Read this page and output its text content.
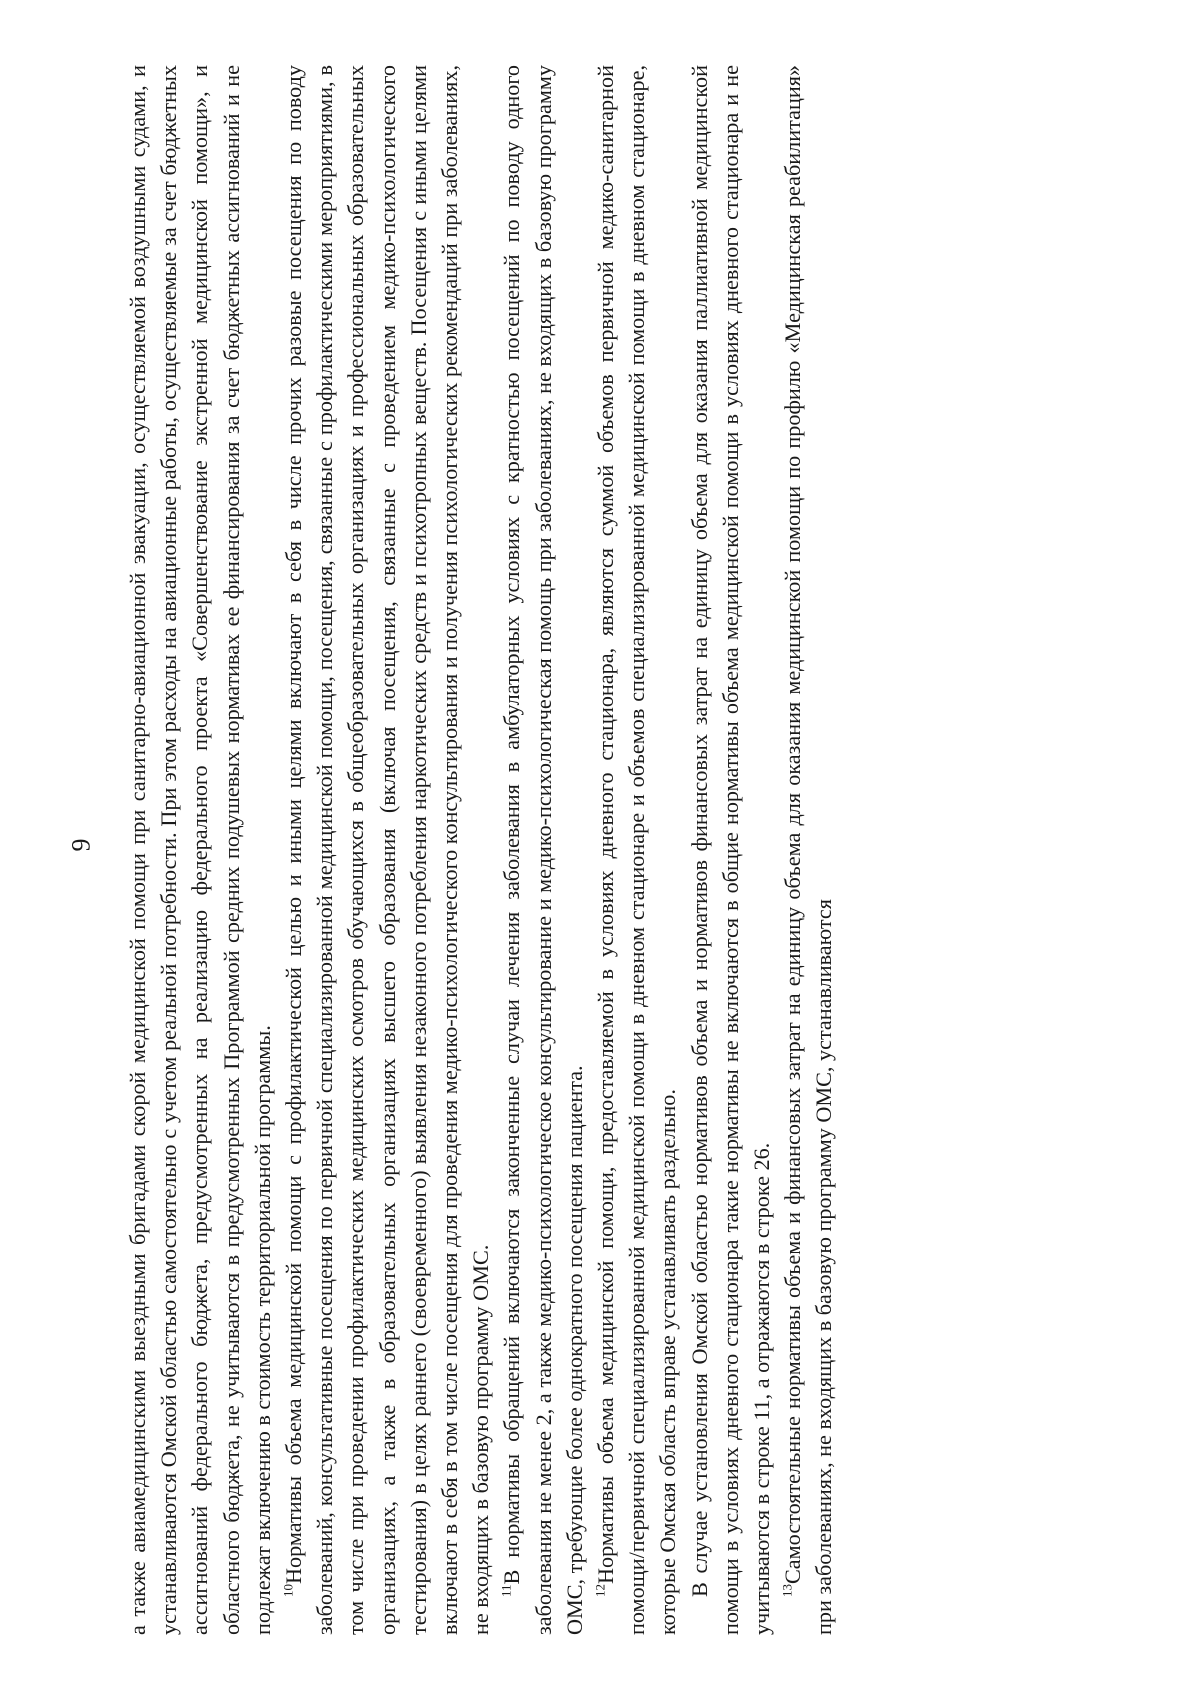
9 а также авиамедицинскими выездными бригадами скорой медицинской помощи при санитарно-авиационной эвакуации, осуществляемой воздушными судами, и устанавливаются Омской областью самостоятельно с учетом реальной потребности. При этом расходы на авиационные работы, осуществляемые за счет бюджетных ассигнований федерального бюджета, предусмотренных на реализацию федерального проекта «Совершенствование экстренной медицинской помощи», и областного бюджета, не учитываются в предусмотренных Программой средних подушевых нормативах ее финансирования за счет бюджетных ассигнований и не подлежат включению в стоимость территориальной программы. $^{10}$Нормативы объема медицинской помощи с профилактической целью и иными целями включают в себя в числе прочих разовые посещения по поводу заболеваний, консультативные посещения по первичной специализированной медицинской помощи, посещения, связанные с профилактическими мероприятиями, в том числе при проведении профилактических медицинских осмотров обучающихся в общеобразовательных организациях и профессиональных образовательных организациях, а также в образовательных организациях высшего образования (включая посещения, связанные с проведением медико-психологического тестирования) в целях раннего (своевременного) выявления незаконного потребления наркотических средств и психотропных веществ. Посещения с иными целями включают в себя в том числе посещения для проведения медико-психологического консультирования и получения психологических рекомендаций при заболеваниях, не входящих в базовую программу ОМС. $^{11}$В нормативы обращений включаются законченные случаи лечения заболевания в амбулаторных условиях с кратностью посещений по поводу одного заболевания не менее 2, а также медико-психологическое консультирование и медико-психологическая помощь при заболеваниях, не входящих в базовую программу ОМС, требующие более однократного посещения пациента. $^{12}$Нормативы объема медицинской помощи, предоставляемой в условиях дневного стационара, являются суммой объемов первичной медико-санитарной помощи/первичной специализированной медицинской помощи в дневном стационаре и объемов специализированной медицинской помощи в дневном стационаре, которые Омская область вправе устанавливать раздельно. В случае установления Омской областью нормативов объема и нормативов финансовых затрат на единицу объема для оказания паллиативной медицинской помощи в условиях дневного стационара такие нормативы не включаются в общие нормативы объема медицинской помощи в условиях дневного стационара и не учитываются в строке 11, а отражаются в строке 26. $^{13}$Самостоятельные нормативы объема и финансовых затрат на единицу объема для оказания медицинской помощи по профилю «Медицинская реабилитация» при заболеваниях, не входящих в базовую программу ОМС, устанавливаются
